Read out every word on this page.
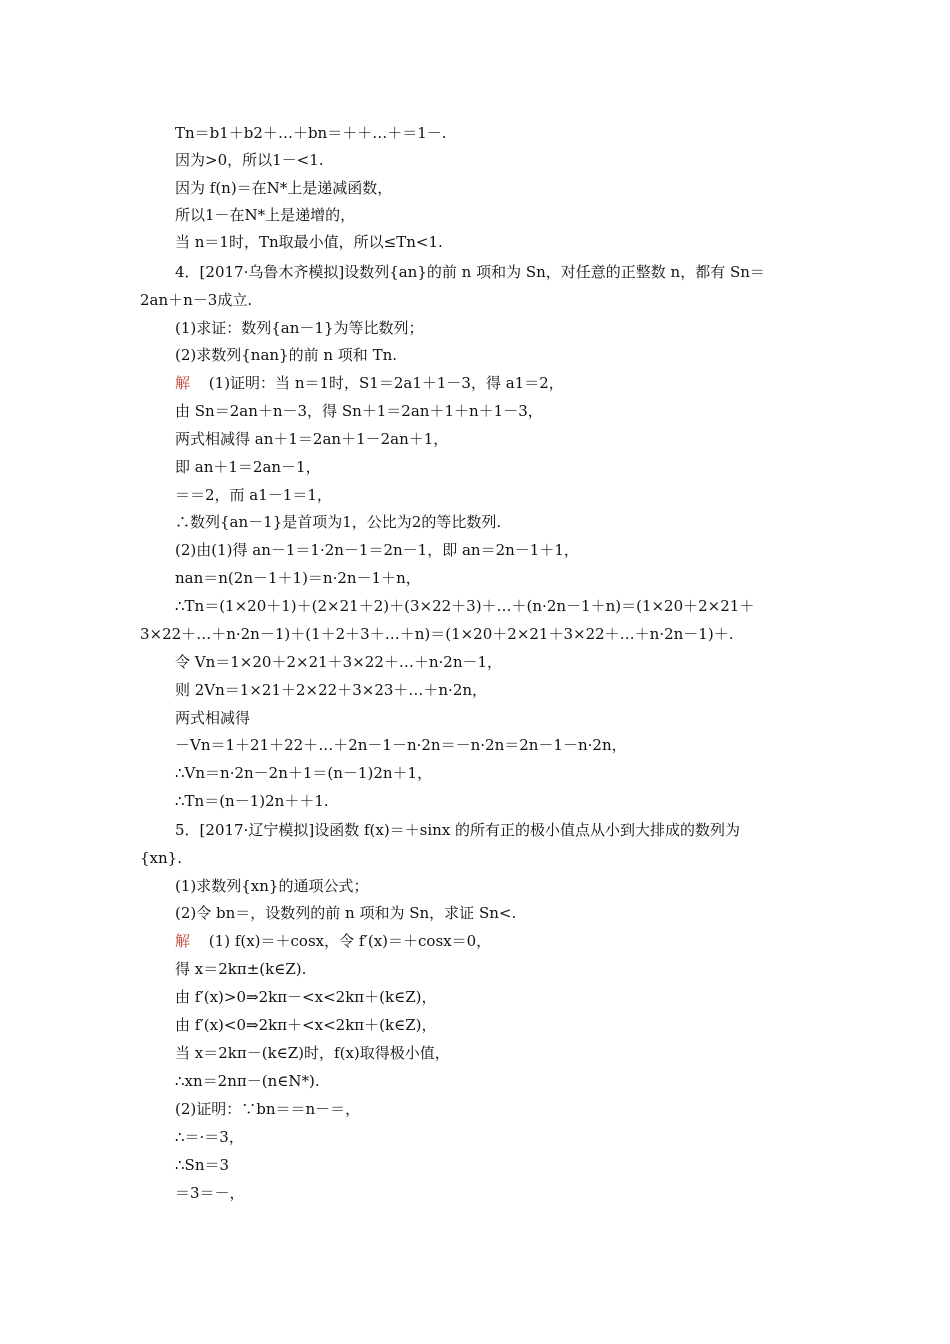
Tn＝b1＋b2＋…＋bn＝＋＋…＋＝1－.
因为>0，所以1－<1.
因为 f(n)＝在N*上是递减函数，
所以1－在N*上是递增的，
当 n＝1时，Tn取最小值，所以≤Tn<1.
4．[2017·乌鲁木齐模拟]设数列{an}的前 n 项和为 Sn，对任意的正整数 n，都有 Sn＝
2an＋n－3成立.
(1)求证：数列{an－1}为等比数列；
(2)求数列{nan}的前 n 项和 Tn.
解 (1)证明：当 n＝1时，S1＝2a1＋1－3，得 a1＝2，
由 Sn＝2an＋n－3，得 Sn＋1＝2an＋1＋n＋1－3，
两式相减得 an＋1＝2an＋1－2an＋1，
即 an＋1＝2an－1，
＝＝2，而 a1－1＝1，
∴数列{an－1}是首项为1，公比为2的等比数列.
(2)由(1)得 an－1＝1·2n－1＝2n－1，即 an＝2n－1＋1，
nan＝n(2n－1＋1)＝n·2n－1＋n，
∴Tn＝(1×20＋1)＋(2×21＋2)＋(3×22＋3)＋…＋(n·2n－1＋n)＝(1×20＋2×21＋
3×22＋…＋n·2n－1)＋(1＋2＋3＋…＋n)＝(1×20＋2×21＋3×22＋…＋n·2n－1)＋.
令 Vn＝1×20＋2×21＋3×22＋…＋n·2n－1，
则 2Vn＝1×21＋2×22＋3×23＋…＋n·2n，
两式相减得
－Vn＝1＋21＋22＋…＋2n－1－n·2n＝－n·2n＝2n－1－n·2n，
∴Vn＝n·2n－2n＋1＝(n－1)2n＋1，
∴Tn＝(n－1)2n＋＋1.
5．[2017·辽宁模拟]设函数 f(x)＝＋sinx 的所有正的极小值点从小到大排成的数列为
{xn}.
(1)求数列{xn}的通项公式；
(2)令 bn＝，设数列的前 n 项和为 Sn，求证 Sn<.
解 (1) f(x)＝＋cosx，令 f′(x)＝＋cosx＝0，
得 x＝2kπ±(k∈Z).
由 f′(x)>0⇒2kπ－<x<2kπ＋(k∈Z)，
由 f′(x)<0⇒2kπ＋<x<2kπ＋(k∈Z)，
当 x＝2kπ－(k∈Z)时，f(x)取得极小值，
∴xn＝2nπ－(n∈N*).
(2)证明：∵bn＝＝n－＝，
∴＝·＝3，
∴Sn＝3
＝3＝－，
